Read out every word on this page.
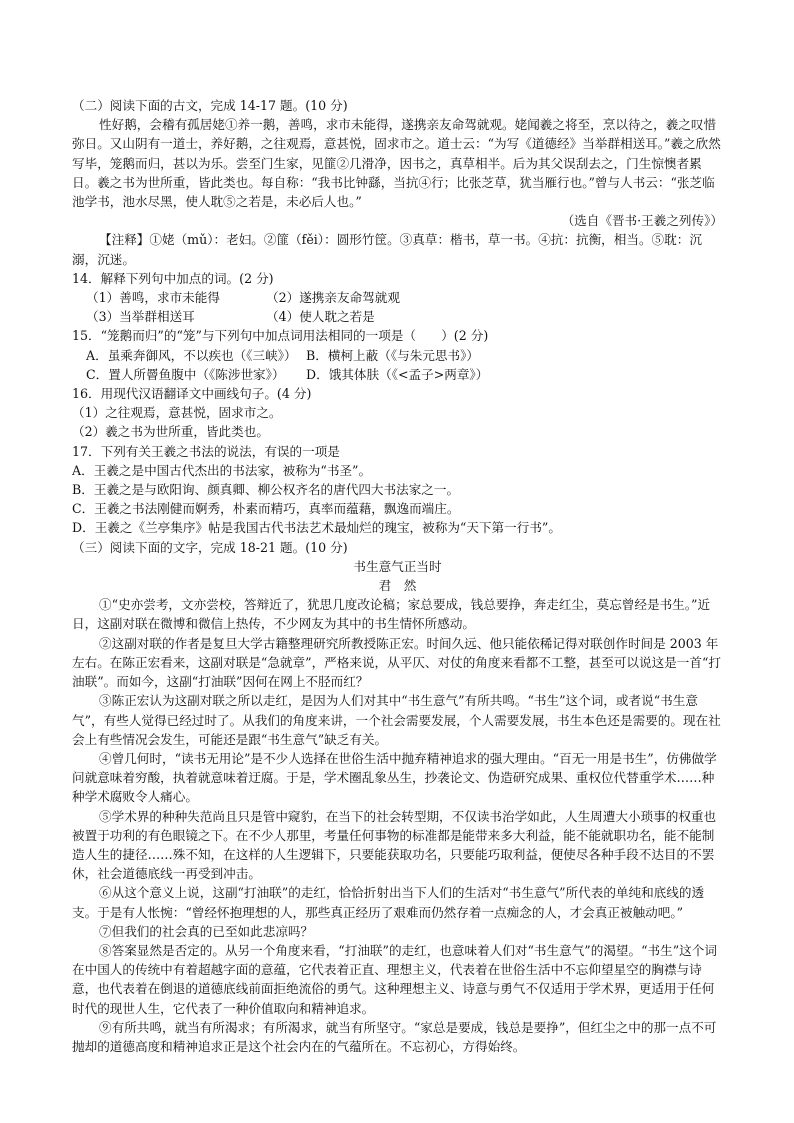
（二）阅读下面的古文，完成 14-17 题。(10 分)

性好鹅，会稽有孤居姥①养一鹅，善鸣，求市未能得，遂携亲友命驾就观。姥闻羲之将至，烹以待之，羲之叹惜弥日。又山阴有一道士，养好鹅，之往观焉，意甚悦，固求市之。道士云：“为写《道德经》当举群相送耳。”羲之欣然写毕，笼鹅而归，甚以为乐。尝至门生家，见篚②几滑净，因书之，真草相半。后为其父误刮去之，门生惊懊者累日。羲之书为世所重，皆此类也。每自称：“我书比钟繇，当抗④行；比张芝草，犹当雁行也。”曾与人书云：“张芝临池学书，池水尽黑，使人耽⑤之若是，未必后人也。”

（选自《晋书·王羲之列传》）

【注释】①姥（mǔ）：老妇。②篚（fěi）：圆形竹筐。③真草：楷书，草一书。④抗：抗衡，相当。⑤耽：沉溺，沉迷。

14．解释下列句中加点的词。(2 分)

（1）善鸣，求市未能得	（2）遂携亲友命驾就观
（3）当举群相送耳	（4）使人耽之若是

15．“笼鹅而归”的“笼”与下列句中加点词用法相同的一项是（　　）(2 分)

A．虽乘奔御风，不以疾也（《三峡》） B．横柯上蔽（《与朱元思书》）
C．置人所罾鱼腹中（《陈涉世家》）	D．饿其体肤（《<孟子>两章》）

16．用现代汉语翻译文中画线句子。(4 分)

（1）之往观焉，意甚悦，固求市之。

（2）羲之书为世所重，皆此类也。

17．下列有关王羲之书法的说法，有误的一项是

A．王羲之是中国古代杰出的书法家，被称为“书圣”。

B．王羲之是与欧阳询、颜真卿、柳公权齐名的唐代四大书法家之一。

C．王羲之书法刚健而婀秀，朴素而精巧，真率而蕴藉，飘逸而端庄。

D．王羲之《兰亭集序》帖是我国古代书法艺术最灿烂的瑰宝，被称为“天下第一行书”。

（三）阅读下面的文字，完成 18-21 题。(10 分)

书生意气正当时

君　然

①“史亦尝考，文亦尝校，答辩近了，犹思几度改论稿；家总要成，钱总要挣，奔走红尘，莫忘曾经是书生。”近日，这副对联在微博和微信上热传，不少网友为其中的书生情怀所感动。

②这副对联的作者是复旦大学古籍整理研究所教授陈正宏。时间久远、他只能依稀记得对联创作时间是 2003 年左右。在陈正宏看来，这副对联是“急就章”，严格来说，从平仄、对仗的角度来看都不工整，甚至可以说这是一首“打油联”。而如今，这副“打油联”因何在网上不胫而红？

③陈正宏认为这副对联之所以走红，是因为人们对其中“书生意气”有所共鸣。“书生”这个词，或者说“书生意气”，有些人觉得已经过时了。从我们的角度来讲，一个社会需要发展，个人需要发展，书生本色还是需要的。现在社会上有些情况会发生，可能还是跟“书生意气”缺乏有关。

④曾几何时，“读书无用论”是不少人选择在世俗生活中抛弃精神追求的强大理由。“百无一用是书生”，仿佛做学问就意味着穷酸，执着就意味着迂腐。于是，学术圈乱象丛生，抄袭论文、伪造研究成果、重权位代替重学术……种种学术腐败令人痛心。

⑤学术界的种种失范尚且只是管中窥豹，在当下的社会转型期，不仅读书治学如此，人生周遭大小琐事的权重也被置于功利的有色眼镜之下。在不少人那里，考量任何事物的标准都是能带来多大利益，能不能就职功名，能不能制造人生的捷径……殊不知，在这样的人生逻辑下，只要能获取功名，只要能巧取利益，便使尽各种手段不达目的不罢休，社会道德底线一再受到冲击。

⑥从这个意义上说，这副“打油联”的走红，恰恰折射出当下人们的生活对“书生意气”所代表的单纯和底线的透支。于是有人怅惋：“曾经怀抱理想的人，那些真正经历了艰难而仍然存着一点痴念的人，才会真正被触动吧。”

⑦但我们的社会真的已至如此悲凉吗？

⑧答案显然是否定的。从另一个角度来看，“打油联”的走红，也意味着人们对“书生意气”的渴望。“书生”这个词在中国人的传统中有着超越字面的意蕴，它代表着正直、理想主义，代表着在世俗生活中不忘仰望星空的胸襟与诗意，也代表着在倒退的道德底线前面拒绝流俗的勇气。这种理想主义、诗意与勇气不仅适用于学术界，更适用于任何时代的现世人生，它代表了一种价值取向和精神追求。

⑨有所共鸣，就当有所渴求；有所渴求，就当有所坚守。“家总是要成，钱总是要挣”，但红尘之中的那一点不可抛却的道德高度和精神追求正是这个社会内在的气蕴所在。不忘初心，方得始终。
